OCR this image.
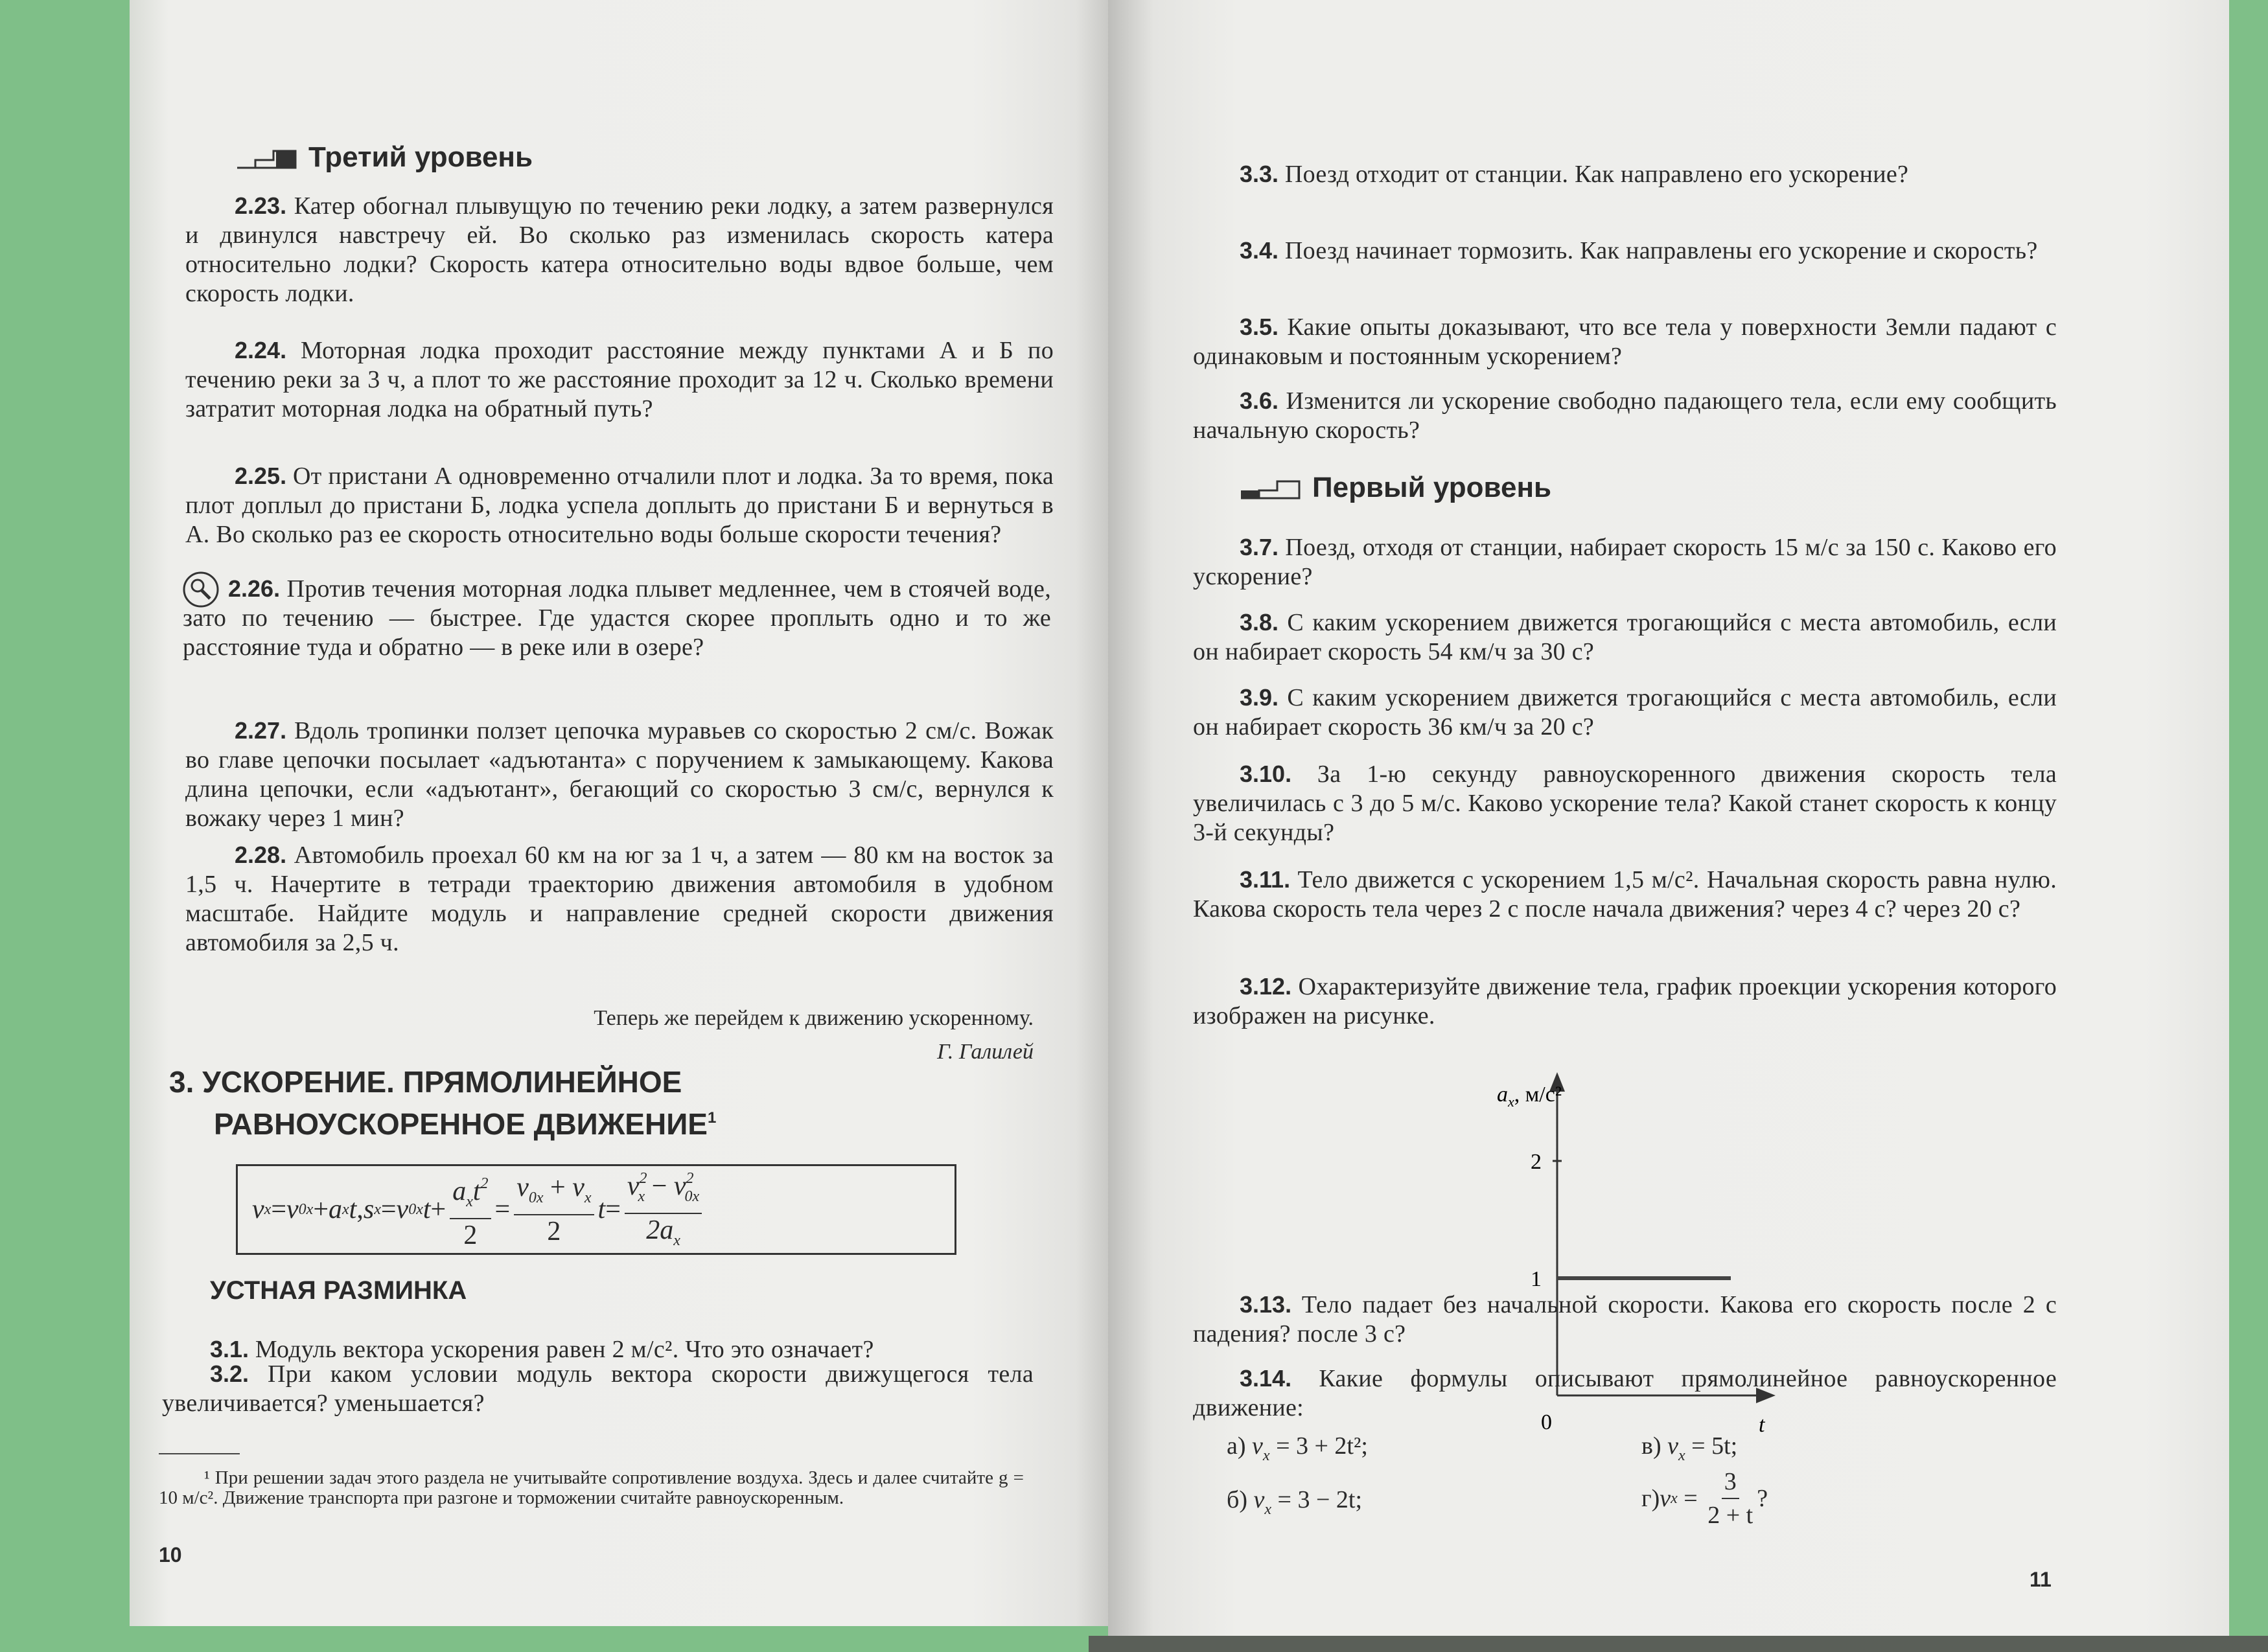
Третий уровень
2.23. Катер обогнал плывущую по течению реки лодку, а затем развернулся и двинулся навстречу ей. Во сколько раз изменилась скорость катера относительно лодки? Скорость катера относительно воды вдвое больше, чем скорость лодки.
2.24. Моторная лодка проходит расстояние между пунктами А и Б по течению реки за 3 ч, а плот то же расстояние проходит за 12 ч. Сколько времени затратит моторная лодка на обратный путь?
2.25. От пристани А одновременно отчалили плот и лодка. За то время, пока плот доплыл до пристани Б, лодка успела доплыть до пристани Б и вернуться в А. Во сколько раз ее скорость относительно воды больше скорости течения?
2.26. Против течения моторная лодка плывет медленнее, чем в стоячей воде, зато по течению — быстрее. Где удастся скорее проплыть одно и то же расстояние туда и обратно — в реке или в озере?
2.27. Вдоль тропинки ползет цепочка муравьев со скоростью 2 см/с. Вожак во главе цепочки посылает «адъютанта» с поручением к замыкающему. Какова длина цепочки, если «адъютант», бегающий со скоростью 3 см/с, вернулся к вожаку через 1 мин?
2.28. Автомобиль проехал 60 км на юг за 1 ч, а затем — 80 км на восток за 1,5 ч. Начертите в тетради траекторию движения автомобиля в удобном масштабе. Найдите модуль и направление средней скорости движения автомобиля за 2,5 ч.
Теперь же перейдем к движению ускоренному.
Г. Галилей
3. УСКОРЕНИЕ. ПРЯМОЛИНЕЙНОЕ
РАВНОУСКОРЕННОЕ ДВИЖЕНИЕ$^1$
v x = v 0x + a x t , s x = v 0x $t + \frac{a_xt^2}{2} = \frac{v_{0x} + v_x}{2}$ $t = \frac{v^2_x - v^2_{0x}}{2a_x}$
УСТНАЯ РАЗМИНКА
3.1. Модуль вектора ускорения равен 2 м/с². Что это означает?
3.2. При каком условии модуль вектора скорости движущегося тела увеличивается? уменьшается?
¹ При решении задач этого раздела не учитывайте сопротивление воздуха. Здесь и далее считайте g = 10 м/с². Движение транспорта при разгоне и торможении считайте равноускоренным.
10
3.3. Поезд отходит от станции. Как направлено его ускорение?
3.4. Поезд начинает тормозить. Как направлены его ускорение и скорость?
3.5. Какие опыты доказывают, что все тела у поверхности Земли падают с одинаковым и постоянным ускорением?
3.6. Изменится ли ускорение свободно падающего тела, если ему сообщить начальную скорость?
Первый уровень
3.7. Поезд, отходя от станции, набирает скорость 15 м/с за 150 с. Каково его ускорение?
3.8. С каким ускорением движется трогающийся с места автомобиль, если он набирает скорость 54 км/ч за 30 с?
3.9. С каким ускорением движется трогающийся с места автомобиль, если он набирает скорость 36 км/ч за 20 с?
3.10. За 1-ю секунду равноускоренного движения скорость тела увеличилась с 3 до 5 м/с. Каково ускорение тела? Какой станет скорость к концу 3-й секунды?
3.11. Тело движется с ускорением 1,5 м/с². Начальная скорость равна нулю. Какова скорость тела через 2 с после начала движения? через 4 с? через 20 с?
3.12. Охарактеризуйте движение тела, график проекции ускорения которого изображен на рисунке.
$a_x$, м/с²
2
1
0	t
3.13. Тело падает без начальной скорости. Какова его скорость после 2 с падения? после 3 с?
3.14. Какие формулы описывают прямолинейное равноускоренное движение:
а) $v_x = 3 + 2t^2$;
б) $v_x = 3 - 2t$;
в) $v_x = 5t$;
г) v $x = \frac{3}{2 + t}$ ?
11
